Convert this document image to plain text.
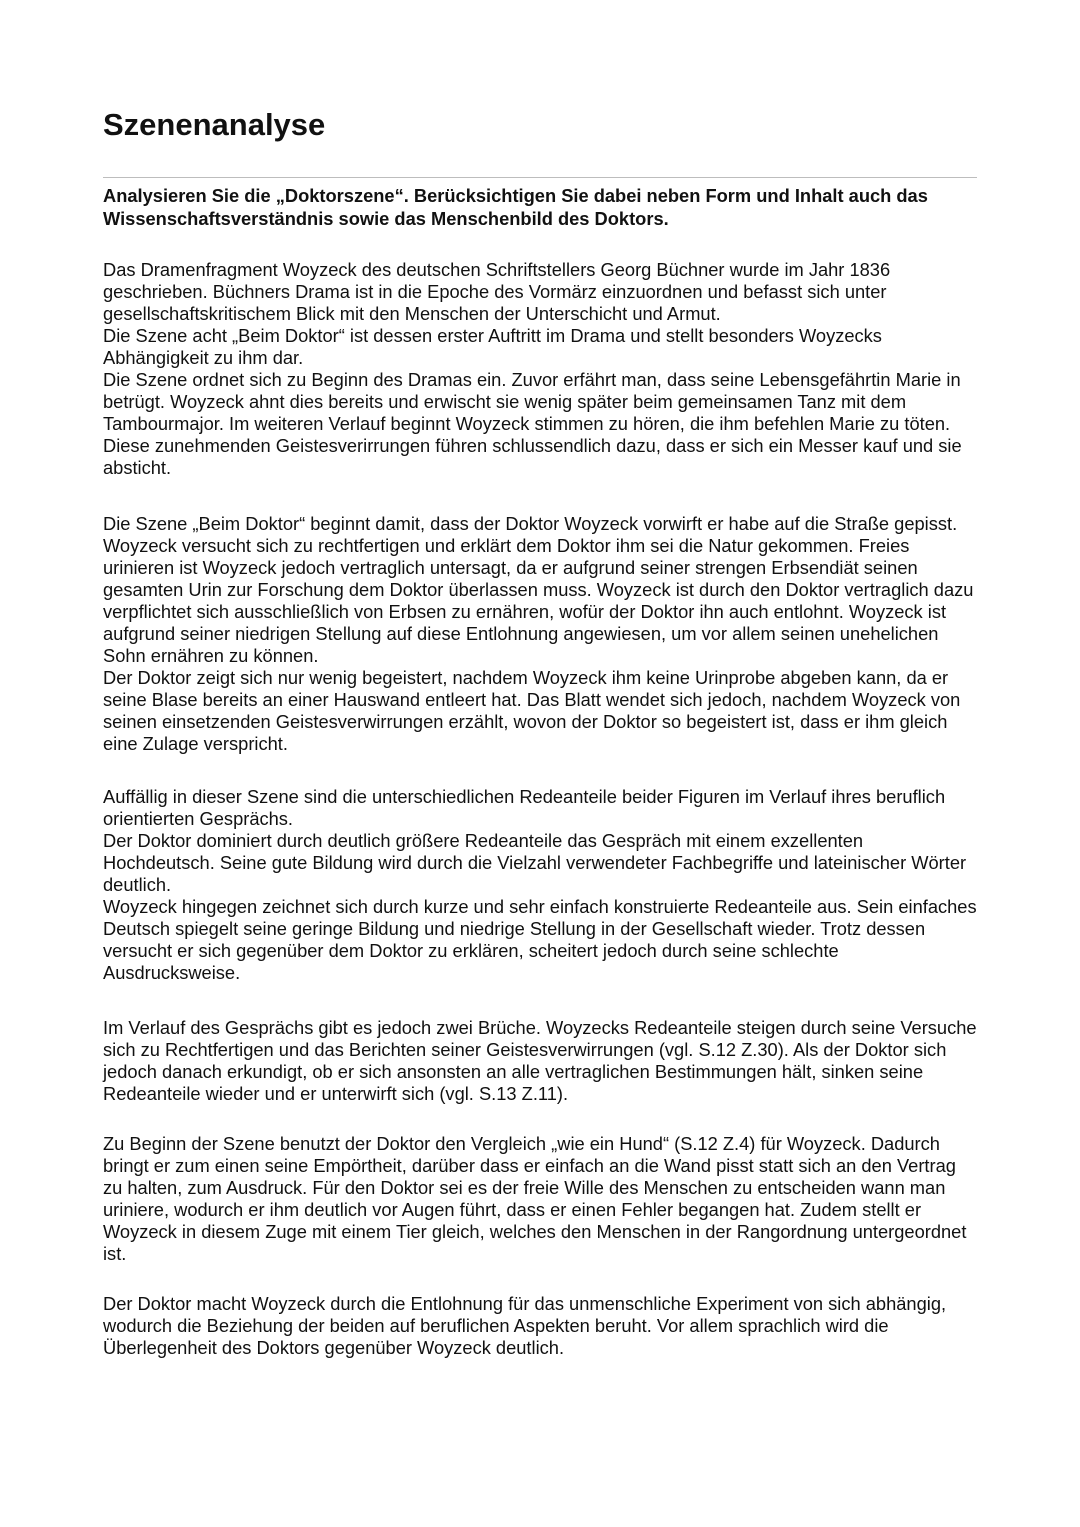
Szenenanalyse

Analysieren Sie die „Doktorszene“. Berücksichtigen Sie dabei neben Form und Inhalt auch das Wissenschaftsverständnis sowie das Menschenbild des Doktors.

Das Dramenfragment Woyzeck des deutschen Schriftstellers Georg Büchner wurde im Jahr 1836 geschrieben. Büchners Drama ist in die Epoche des Vormärz einzuordnen und befasst sich unter gesellschaftskritischem Blick mit den Menschen der Unterschicht und Armut.

Die Szene acht „Beim Doktor“ ist dessen erster Auftritt im Drama und stellt besonders Woyzecks Abhängigkeit zu ihm dar.

Die Szene ordnet sich zu Beginn des Dramas ein. Zuvor erfährt man, dass seine Lebensgefährtin Marie in betrügt. Woyzeck ahnt dies bereits und erwischt sie wenig später beim gemeinsamen Tanz mit dem Tambourmajor. Im weiteren Verlauf beginnt Woyzeck stimmen zu hören, die ihm befehlen Marie zu töten. Diese zunehmenden Geistesverirrungen führen schlussendlich dazu, dass er sich ein Messer kauf und sie absticht.

Die Szene „Beim Doktor“ beginnt damit, dass der Doktor Woyzeck vorwirft er habe auf die Straße gepisst. Woyzeck versucht sich zu rechtfertigen und erklärt dem Doktor ihm sei die Natur gekommen. Freies urinieren ist Woyzeck jedoch vertraglich untersagt, da er aufgrund seiner strengen Erbsendiät seinen gesamten Urin zur Forschung dem Doktor überlassen muss. Woyzeck ist durch den Doktor vertraglich dazu verpflichtet sich ausschließlich von Erbsen zu ernähren, wofür der Doktor ihn auch entlohnt. Woyzeck ist aufgrund seiner niedrigen Stellung auf diese Entlohnung angewiesen, um vor allem seinen unehelichen Sohn ernähren zu können.

Der Doktor zeigt sich nur wenig begeistert, nachdem Woyzeck ihm keine Urinprobe abgeben kann, da er seine Blase bereits an einer Hauswand entleert hat. Das Blatt wendet sich jedoch, nachdem Woyzeck von seinen einsetzenden Geistesverwirrungen erzählt, wovon der Doktor so begeistert ist, dass er ihm gleich eine Zulage verspricht.

Auffällig in dieser Szene sind die unterschiedlichen Redeanteile beider Figuren im Verlauf ihres beruflich orientierten Gesprächs.

Der Doktor dominiert durch deutlich größere Redeanteile das Gespräch mit einem exzellenten Hochdeutsch. Seine gute Bildung wird durch die Vielzahl verwendeter Fachbegriffe und lateinischer Wörter deutlich.

Woyzeck hingegen zeichnet sich durch kurze und sehr einfach konstruierte Redeanteile aus. Sein einfaches Deutsch spiegelt seine geringe Bildung und niedrige Stellung in der Gesellschaft wieder. Trotz dessen versucht er sich gegenüber dem Doktor zu erklären, scheitert jedoch durch seine schlechte Ausdrucksweise.

Im Verlauf des Gesprächs gibt es jedoch zwei Brüche. Woyzecks Redeanteile steigen durch seine Versuche sich zu Rechtfertigen und das Berichten seiner Geistesverwirrungen (vgl. S.12 Z.30). Als der Doktor sich jedoch danach erkundigt, ob er sich ansonsten an alle vertraglichen Bestimmungen hält, sinken seine Redeanteile wieder und er unterwirft sich (vgl. S.13 Z.11).

Zu Beginn der Szene benutzt der Doktor den Vergleich „wie ein Hund“ (S.12 Z.4) für Woyzeck. Dadurch bringt er zum einen seine Empörtheit, darüber dass er einfach an die Wand pisst statt sich an den Vertrag zu halten, zum Ausdruck. Für den Doktor sei es der freie Wille des Menschen zu entscheiden wann man uriniere, wodurch er ihm deutlich vor Augen führt, dass er einen Fehler begangen hat. Zudem stellt er Woyzeck in diesem Zuge mit einem Tier gleich, welches den Menschen in der Rangordnung untergeordnet ist.

Der Doktor macht Woyzeck durch die Entlohnung für das unmenschliche Experiment von sich abhängig, wodurch die Beziehung der beiden auf beruflichen Aspekten beruht. Vor allem sprachlich wird die Überlegenheit des Doktors gegenüber Woyzeck deutlich.
